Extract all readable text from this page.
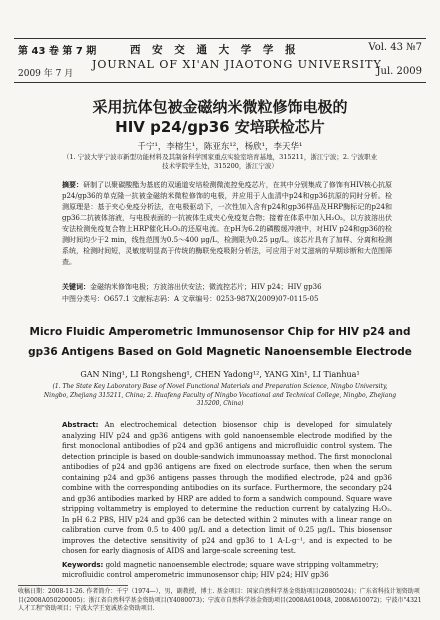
第 43 卷 第 7 期	西 安 交 通 大 学 学 报	Vol. 43 №7
JOURNAL OF XI'AN JIAOTONG UNIVERSITY
2009 年 7 月	Jul. 2009
采用抗体包被金磁纳米微粒修饰电极的
HIV p24/gp36 安培联检芯片
千宁¹，李榕生¹，陈亚东¹²，杨欣¹，李天华¹
（1. 宁波大学宁波市新型功能材料及其制备科学国家重点实验室培育基地，315211，浙江宁波；2. 宁波职业技术学院学生处，315200，浙江宁波）
摘要：研制了以聚碳酸酯为基底的双通道安培检测微流控免疫芯片，在其中分别集成了修饰有HIV核心抗原p24/gp36的单克隆一抗被金磁纳米微粒修饰的电极，并应用于人血清中p24和gp36抗原的同时分析。检测原理是：基于夹心免疫分析法，在电极驱动下，一次性加入含有p24和gp36样品及HRP酶标记的p24和gp36二抗被体溶液，与电极表面的一抗被体生成夹心免疫复合物；接着在体系中加入H₂O₂，以方波溶出伏安法检测免疫复合物上HRP催化H₂O₂的还原电流。在pH为6.2的磷酸缓冲液中，对HIV p24和gp36的检测时间均少于2 min，线性范围为0.5～400 μg/L，检测限为0.25 μg/L。该芯片具有了加样、分离和检测系统，检测时间短，灵敏度明显高于传统的酶联免疫吸附分析法，可应用于对艾滋病的早期诊断和大范围筛查。
关键词：金磁纳米修饰电极；方波溶出伏安法；微流控芯片；HIV p24；HIV gp36
中图分类号：O657.1 文献标志码：A 文章编号：0253-987X(2009)07-0115-05
Micro Fluidic Amperometric Immunosensor Chip for HIV p24 and
gp36 Antigens Based on Gold Magnetic Nanoensemble Electrode
GAN Ning¹, LI Rongsheng¹, CHEN Yadong¹², YANG Xin¹, LI Tianhua¹
(1. The State Key Laboratory Base of Novel Functional Materials and Preparation Science, Ningbo University, Ningbo, Zhejiang 315211, China; 2. Huafeng Faculty of Ningbo Vocational and Technical College, Ningbo, Zhejiang 315200, China)
Abstract: An electrochemical detection biosensor chip is developed for simulately analyzing HIV p24 and gp36 antigens with gold nanoensemble electrode modified by the first monoclonal antibodies of p24 and gp36 antigens and microfluidic control system. The detection principle is based on double-sandwich immunoassay method. The first monoclonal antibodies of p24 and gp36 antigens are fixed on electrode surface, then when the serum containing p24 and gp36 antigens passes through the modified electrode, p24 and gp36 combine with the corresponding antibodies on its surface. Furthermore, the secondary p24 and gp36 antibodies marked by HRP are added to form a sandwich compound. Square wave stripping voltammetry is employed to determine the reduction current by catalyzing H₂O₂. In pH 6.2 PBS, HIV p24 and gp36 can be detected within 2 minutes with a linear range on calibration curve from 0.5 to 400 μg/L and a detection limit of 0.25 μg/L. This biosensor improves the detective sensitivity of p24 and gp36 to 1 A·L·g⁻¹, and is expected to be chosen for early diagnosis of AIDS and large-scale screening test.
Keywords: gold magnetic nanoensemble electrode; square wave stripping voltammetry; microfluidic control amperometric immunosensor chip; HIV p24; HIV gp36
收稿日期：2008-11-26. 作者简介：千宁（1974—），男，副教授，博士. 基金项目：国家自然科学基金资助项目(20805024)；广东省科技计划资助项目(2008A050200005)；浙江省自然科学基金资助项目(Y4080073)；宁波市自然科学基金资助项目(2008A610048, 2008A610072)；宁波市"4321人才工程"资助项目；宁波大学王宽诚基金资助项目.
